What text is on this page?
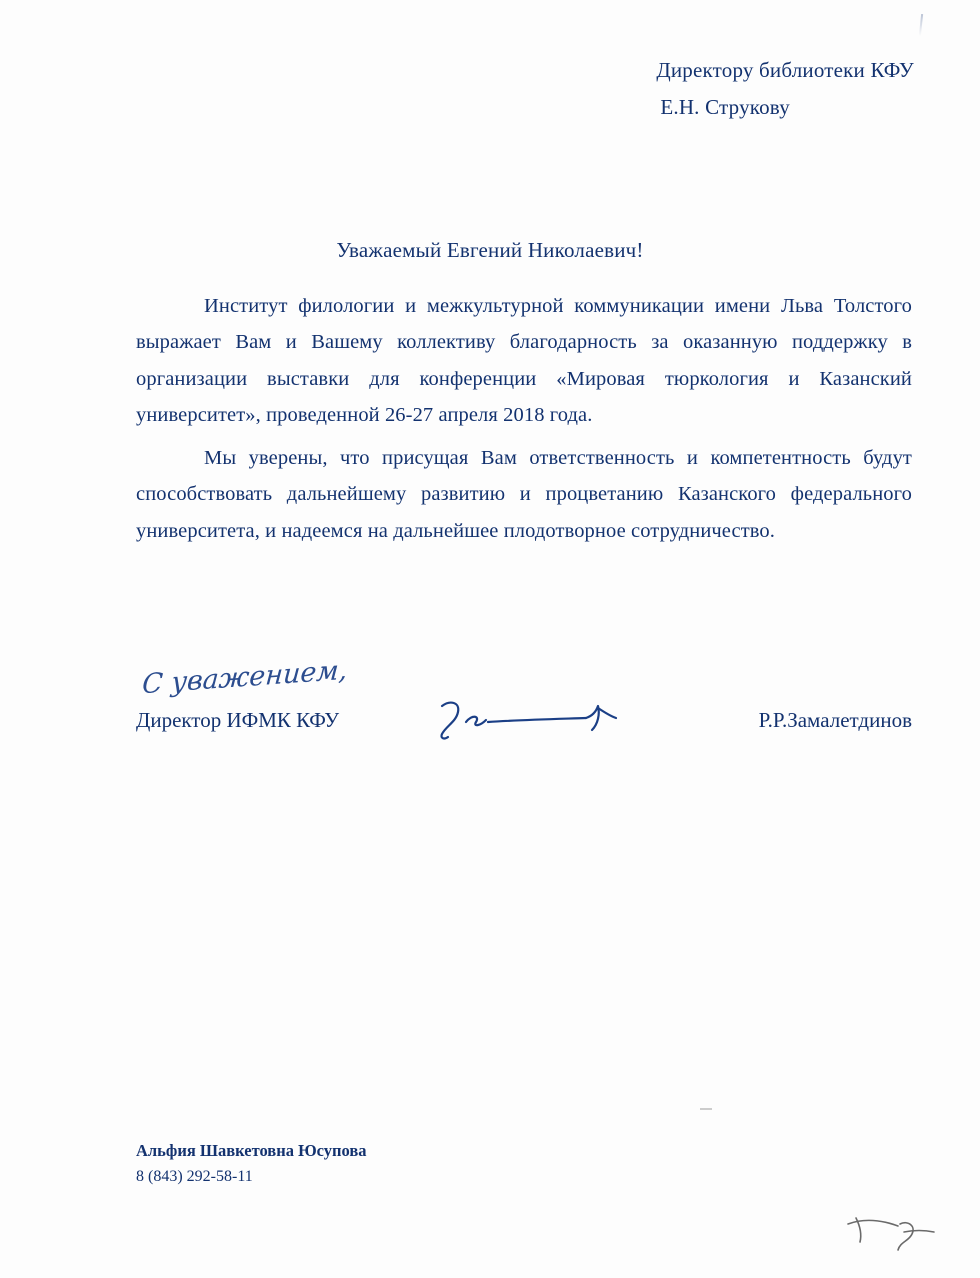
Директору библиотеки КФУ
Е.Н. Струкову
Уважаемый Евгений Николаевич!

Институт филологии и межкультурной коммуникации имени Льва Толстого выражает Вам и Вашему коллективу благодарность за оказанную поддержку в организации выставки для конференции «Мировая тюркология и Казанский университет», проведенной 26-27 апреля 2018 года.

Мы уверены, что присущая Вам ответственность и компетентность будут способствовать дальнейшему развитию и процветанию Казанского федерального университета, и надеемся на дальнейшее плодотворное сотрудничество.

С уважением,
Директор ИФМК КФУ	Р.Р.Замалетдинов
Альфия Шавкетовна Юсупова
8 (843) 292-58-11
